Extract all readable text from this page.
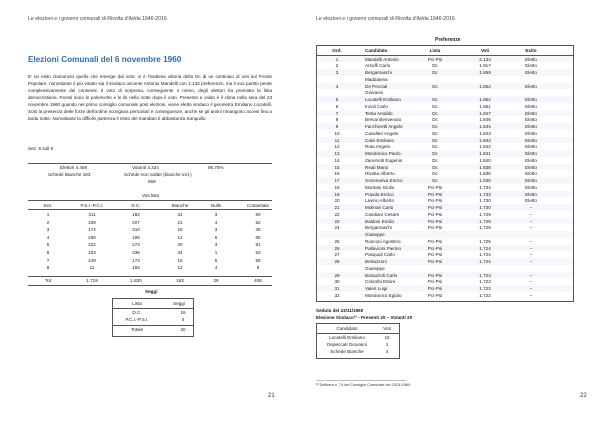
Le elezioni e i governi comunali di Rivolta d'Adda 1946-2016
Elezioni Comunali del 6 novembre 1960
E' un esito clamoroso quello che emerge dal voto: vi è l'inattesa vittoria della Dc di un centinaio di voti sul Fronte Popolare, nonostante il più votato sia il sindaco uscente Antonio Mandelli con 2.133 preferenze, ma il suo partito perde complessivamente dei consensi. Il voto di sorpresa, conseguente o meno, degli elettori ha premiato la lista democristiana. Ferosi sono le polemiche e le liti nella notte dopo il voto. Presente e caldo è il clima nella sera del 23 novembre 1960 quando nel primo consiglio comunale post elezioni, viene eletto sindaco il geometra Emiliano Locatelli. Solo la presenza delle forze dell'ordine scongiura pericolosi e conseguenze, anche se gli animi rimangono accesi fino a tarda notte. Nonostante la difficile partenza il resto del mandato è abbastanza tranquillo.
Sez. 8 sull 8
Elettori 4.469	Votanti 4.324	96,75%
Schede Bianche 163	Schede non valide (bianche incl.)
558
Voti lista
Seggi
Lista	Seggi
D.C.	16
P.C.I.-P.S.I.	4
Totale	20
21
Sez.	P.S.I.-P.C.I.	D.C.	Bianche	Nulle	Contestate
1	311	182	31	3	50
2	339	207	21	4	52
3	174	310	18	3	35
4	260	189	12	6	65
5	222	272	20	3	81
6	153	336	34	1	53
7	249	172	15	5	59
8	11	162	12	4	9
Tot	1.719	1.830	163	29	406
Le elezioni e i governi comunali di Rivolta d'Adda 1946-2016
Preferenze
Ord.	Candidato	Lista	Voti	Esito
1	Mandelli Antonio	Pci-Psi	2.133	Eletto
2	Arsuffi Carlo	Dc	1.917	Eletto
3	Bergamaschi	Dc	1.859	Eletto
Maddalena
4	De Peccati	Dc	1.852	Eletto
Giovanni
5	Locatelli Emiliano	Dc	1.852	Eletto
6	Inzoli Carlo	Dc	1.851	Eletto
7	Testa Amaldo	Dc	1.847	Eletto
8	Brevai Benvenuto	Dc	1.846	Eletto
9	Facchinetti Angelo	Dc	1.844	Eletto
10	Cavalleri Angelo	Dc	1.843	Eletto
11	Calvi Emiliano	Dc	1.843	Eletto
12	Rota Angelo	Dc	1.842	Eletto
13	Mondonico Paolo	Dc	1.841	Eletto
14	Zanonotti Eugenio	Dc	1.840	Eletto
15	Reali Mario	Dc	1.838	Eletto
16	Rivolta Alberto	Dc	1.836	Eletto
17	Sommariva Enrico	Dc	1.836	Eletto
18	Montani Giulio	Pci-Psi	1.734	Eletto
19	Pravda Enrico	Pci-Psi	1.733	Eletto
20	Lavino Alberto	Pci-Psi	1.730	Eletto
21	Molinari Carlo	Pci-Psi	1.730	–
22	Candiani Cesare	Pci-Psi	1.729	–
23	Baldoni Emilio	Pci-Psi	1.729	–
24	Bergamaschi	Pci-Psi	1.729	–
Giuseppe
25	Rusconi Agostino	Pci-Psi	1.725	–
26	Pallavicini Pierino	Pci-Psi	1.724	–
27	Pasquali Carlo	Pci-Psi	1.724	–
28	Bertazzoni	Pci-Psi	1.724	–
Giuseppe
29	Bonazzoli Carlo	Pci-Psi	1.723	–
30	Colombi Ettore	Pci-Psi	1.723	–
31	Valeri Luigi	Pci-Psi	1.723	–
32	Mondonico Egidio	Pci-Psi	1.722	–
Seduta del 23/11/1960
Elezione Sindaco²³ - Presenti 20 – Votanti 20
Candidato	Voti
Locatelli Emiliano	15
Depeccati Giovanni	1
Schede Bianche	4
²³ Delibera n. 74 del Consiglio Comunale del 23/11/1960.
22
